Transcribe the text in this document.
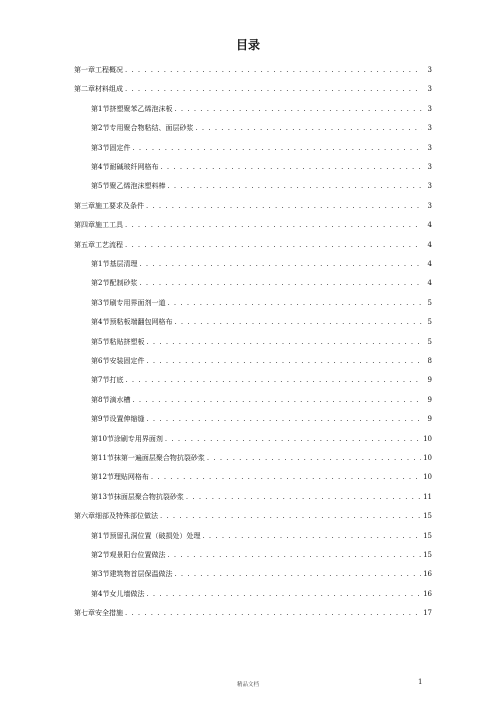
目录
第一章工程概况 . . .	3
第二章材料组成 . . .	3
第1节挤塑聚苯乙烯泡沫板 . . .	3
第2节专用聚合物粘结、面层砂浆 . . .	3
第3节固定件 . . .	3
第4节耐碱玻纤网格布 . . .	3
第5节聚乙烯泡沫塑料棒 . . .	3
第三章施工要求及条件 . . .	3
第四章施工工具 . . .	4
第五章工艺流程 . . .	4
第1节基层清理 . . .	4
第2节配制砂浆 . . .	4
第3节刷专用界面剂一道 . . .	5
第4节预粘板端翻包网格布 . . .	5
第5节粘贴挤塑板 . . .	5
第6节安装固定件 . . .	8
第7节打底 . . .	9
第8节滴水槽 . . .	9
第9节设置伸缩缝 . . .	9
第10节涂刷专用界面剂 . . .	10
第11节抹第一遍面层聚合物抗裂砂浆 . . .	10
第12节理贴网格布 . . .	10
第13节抹面层聚合物抗裂砂浆 . . .	11
第六章细部及特殊部位做法 . . .	15
第1节预留孔洞位置（破损处）处理 . . .	15
第2节观景阳台位置做法 . . .	15
第3节建筑物首层保温做法 . . .	16
第4节女儿墙做法 . . .	16
第七章安全措施 . . .	17
精品文档	1
